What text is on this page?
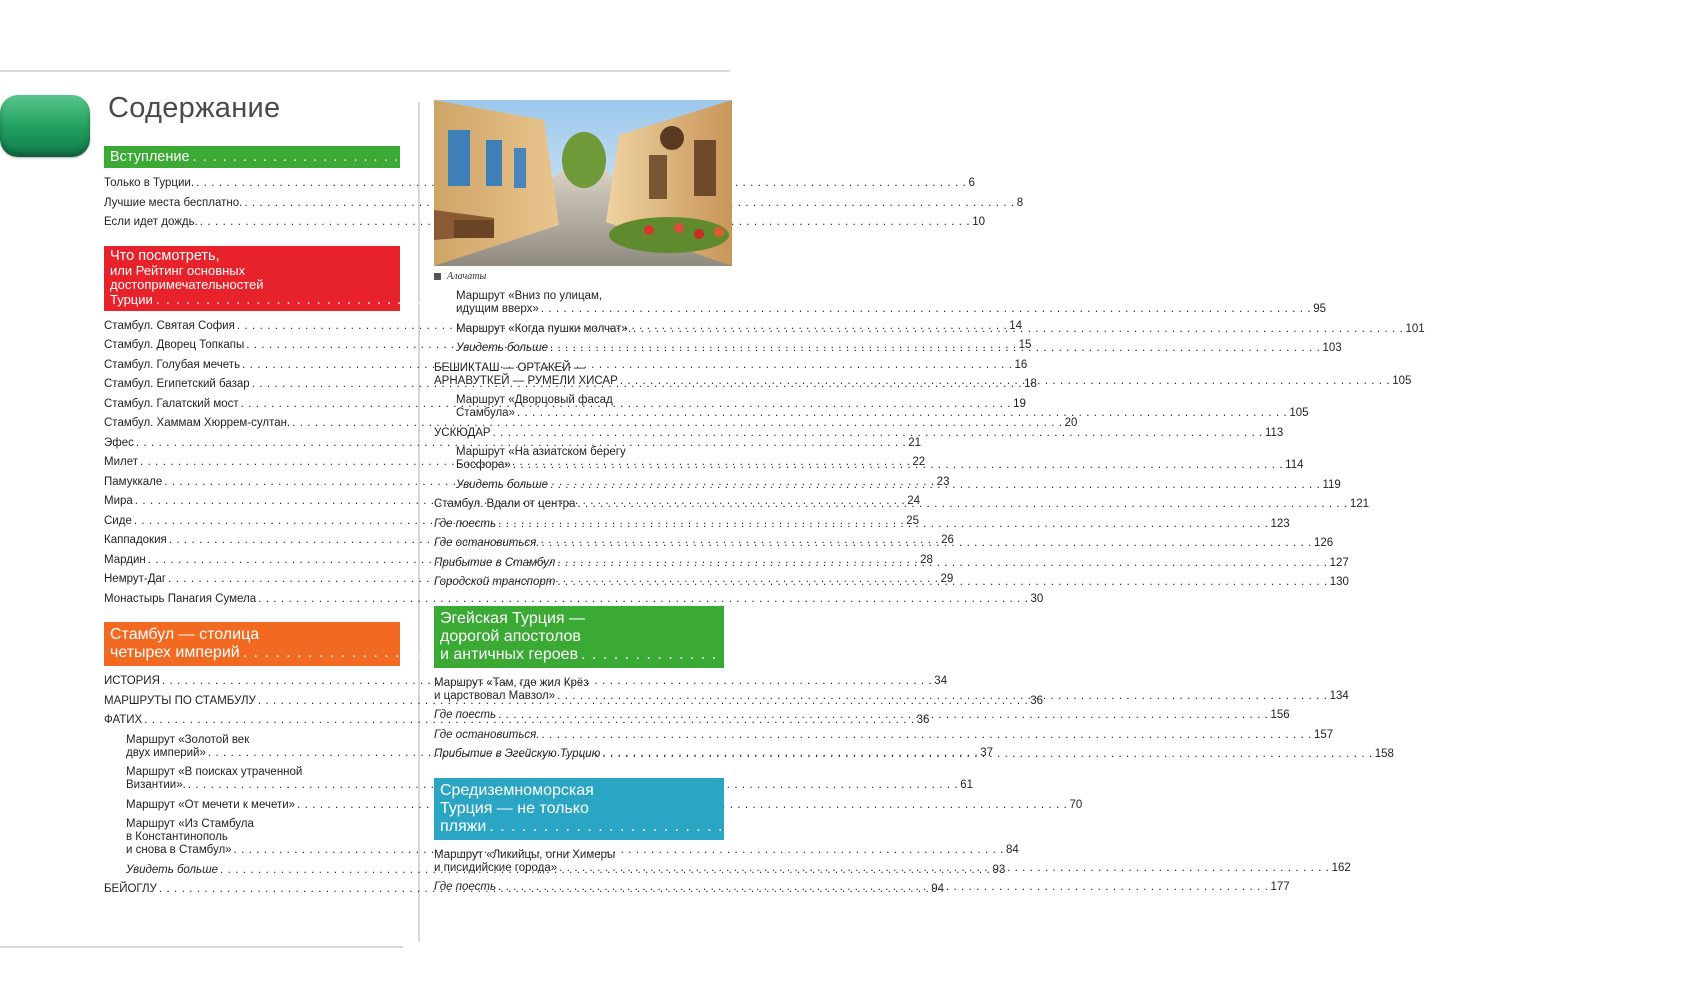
Содержание
Вступление . . .	4
Только в Турции. . . .	6
Лучшие места бесплатно. . . .	8
Если идет дождь. . . .	10
Что посмотреть,
или Рейтинг основных
достопримечательностей
Турции . . .	13
Стамбул. Святая София . . .	14
Стамбул. Дворец Топкапы . . .	15
Стамбул. Голубая мечеть . . .	16
Стамбул. Египетский базар . . .	18
Стамбул. Галатский мост . . .	19
Стамбул. Хаммам Хюррем-султан. . . .	20
Эфес . . .	21
Милет . . .	22
Памуккале . . .	23
Мира . . .	24
Сиде . . .	25
Каппадокия . . .	26
Мардин . . .	28
Немрут-Даг . . .	29
Монастырь Панагия Сумела . . .	30
Стамбул — столица
четырех империй . . .	33
ИСТОРИЯ . . .	34
МАРШРУТЫ ПО СТАМБУЛУ . . .	36
ФАТИХ . . .	36
Маршрут «Золотой век
двух империй» . . .	37
Маршрут «В поисках утраченной
Византии». . . .	61
Маршрут «От мечети к мечети» . . .	70
Маршрут «Из Стамбула
в Константинополь
и снова в Стамбул» . . .	84
Увидеть больше . . .	93
БЕЙОГЛУ . . .	94
Алачаты
Маршрут «Вниз по улицам,
идущим вверх» . . .	95
Маршрут «Когда пушки молчат». . . .	101
Увидеть больше . . .	103
БЕШИКТАШ — ОРТАКЕЙ —
АРНАВУТКЕЙ — РУМЕЛИ ХИСАР . . .	105
Маршрут «Дворцовый фасад
Стамбула» . . .	105
УСКЮДАР . . .	113
Маршрут «На азиатском берегу
Босфора» . . .	114
Увидеть больше . . .	119
Стамбул. Вдали от центра . . .	121
Где поесть . . .	123
Где остановиться. . . .	126
Прибытие в Стамбул . . .	127
Городской транспорт . . .	130
Эгейская Турция —
дорогой апостолов
и античных героев . . .	133
Маршрут «Там, где жил Крёз
и царствовал Мавзол» . . .	134
Где поесть . . .	156
Где остановиться. . . .	157
Прибытие в Эгейскую Турцию . . .	158
Средиземноморская
Турция — не только
пляжи . . .	161
Маршрут «Ликийцы, огни Химеры
и писидийские города» . . .	162
Где поесть . . .	177
